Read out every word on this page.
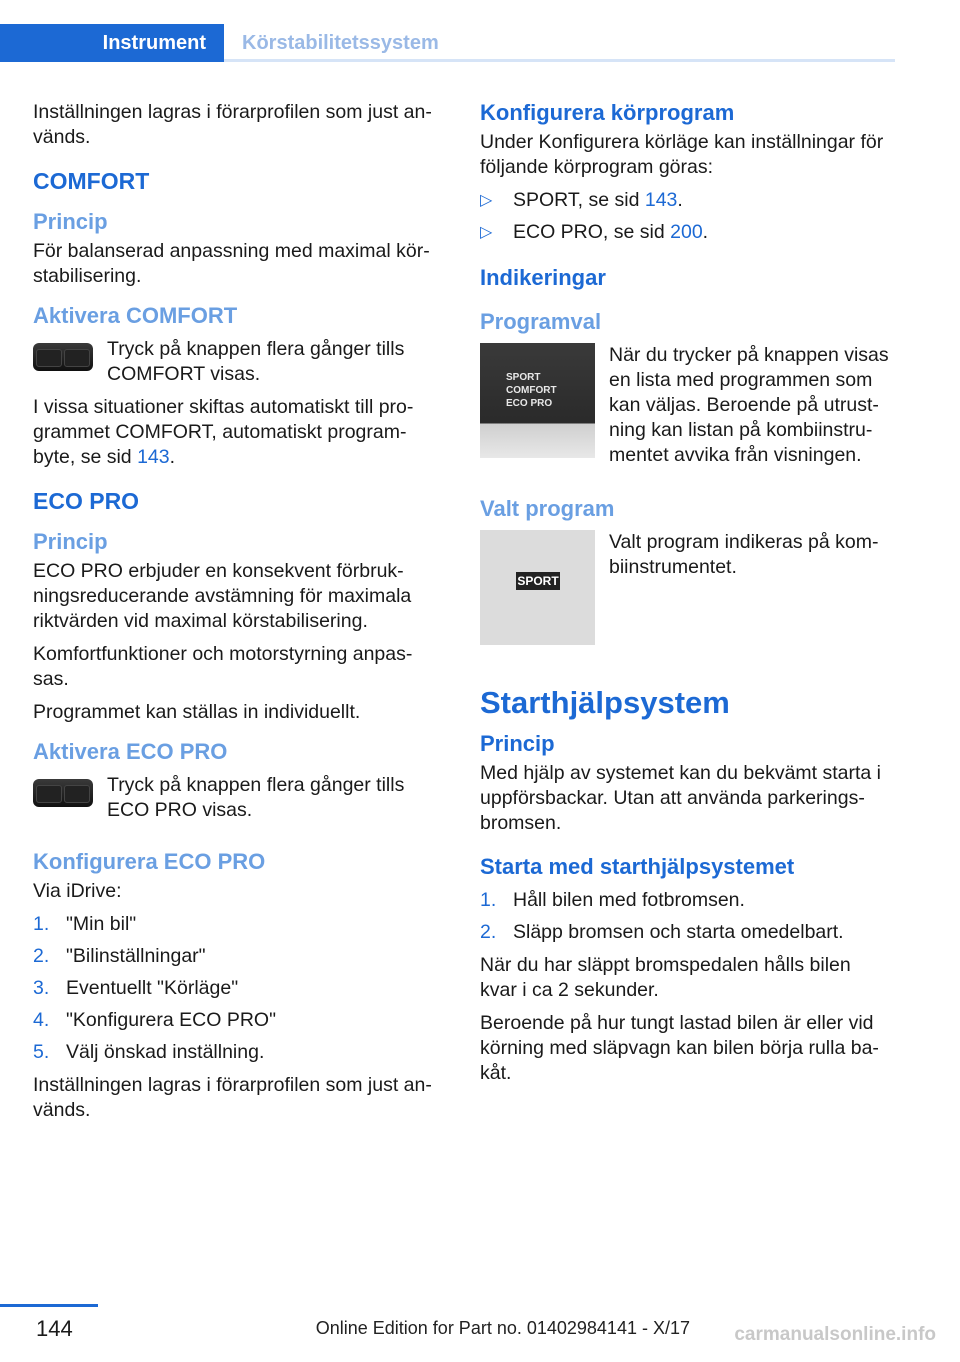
Instrument Körstabilitetssystem

Inställningen lagras i förarprofilen som just an-vänds.

COMFORT
Princip

För balanserad anpassning med maximal kör-stabilisering.

Aktivera COMFORT

Tryck på knappen flera gånger tills COMFORT visas.

I vissa situationer skiftas automatiskt till pro-grammet COMFORT, automatiskt program-byte, se sid 143.

ECO PRO
Princip

ECO PRO erbjuder en konsekvent förbruk-ningsreducerande avstämning för maximala riktvärden vid maximal körstabilisering.

Komfortfunktioner och motorstyrning anpas-sas.

Programmet kan ställas in individuellt.

Aktivera ECO PRO

Tryck på knappen flera gånger tills ECO PRO visas.

Konfigurera ECO PRO

Via iDrive:

1. "Min bil"
2. "Bilinställningar"
3. Eventuellt "Körläge"
4. "Konfigurera ECO PRO"
5. Välj önskad inställning.

Inställningen lagras i förarprofilen som just an-vänds.

Konfigurera körprogram

Under Konfigurera körläge kan inställningar för följande körprogram göras:

▷ SPORT, se sid 143.
▷ ECO PRO, se sid 200.
Indikeringar
Programval
SPORT
COMFORT
ECO PRO

När du trycker på knappen visas en lista med programmen som kan väljas. Beroende på utrust-ning kan listan på kombiinstru-mentet avvika från visningen.

Valt program
SPORT

Valt program indikeras på kom-biinstrumentet.

Starthjälpsystem
Princip

Med hjälp av systemet kan du bekvämt starta i uppförsbackar. Utan att använda parkerings-bromsen.

Starta med starthjälpsystemet
1. Håll bilen med fotbromsen.
2. Släpp bromsen och starta omedelbart.

När du har släppt bromspedalen hålls bilen kvar i ca 2 sekunder.

Beroende på hur tungt lastad bilen är eller vid körning med släpvagn kan bilen börja rulla ba-kåt.

144	Online Edition for Part no. 01402984141 - X/17 carmanualsonline.info
